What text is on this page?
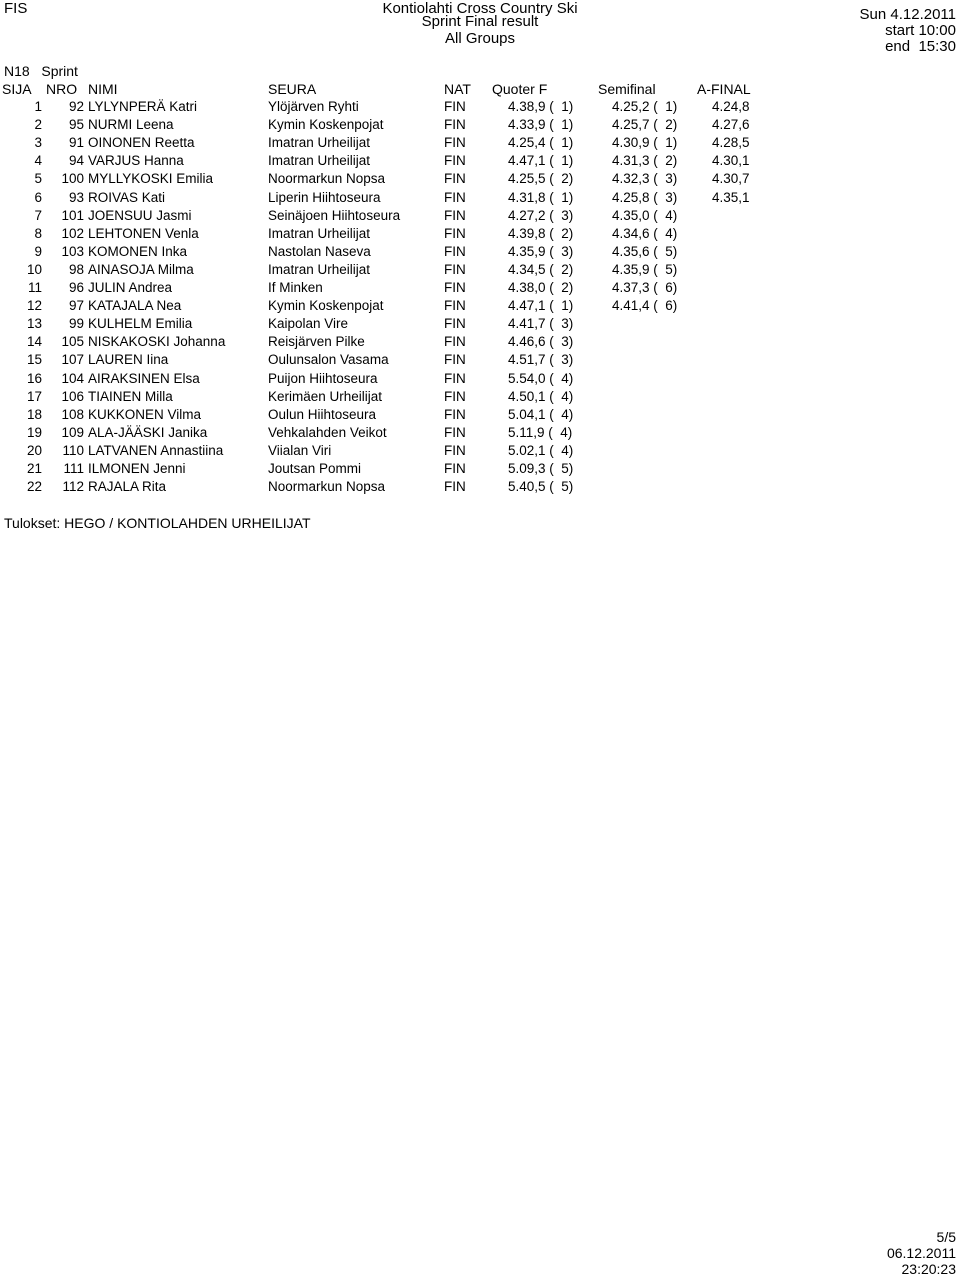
FIS	Kontiolahti Cross Country Ski
Sprint Final result
All Groups
Sun 4.12.2011
start 10:00
end  15:30
N18 Sprint
SIJA NRO NIMI	SEURA	NAT Quoter F	Semifinal	A-FINAL
1	92 LYLYNPERÄ Katri	Ylöjärven Ryhti	FIN	4.38,9 (  1)	4.25,2 (  1)	4.24,8
2	95 NURMI Leena	Kymin Koskenpojat	FIN	4.33,9 (  1)	4.25,7 (  2)	4.27,6
3	91 OINONEN Reetta	Imatran Urheilijat	FIN	4.25,4 (  1)	4.30,9 (  1)	4.28,5
4	94 VARJUS Hanna	Imatran Urheilijat	FIN	4.47,1 (  1)	4.31,3 (  2)	4.30,1
5	100 MYLLYKOSKI Emilia	Noormarkun Nopsa	FIN	4.25,5 (  2)	4.32,3 (  3)	4.30,7
6	93 ROIVAS Kati	Liperin Hiihtoseura	FIN	4.31,8 (  1)	4.25,8 (  3)	4.35,1
7	101 JOENSUU Jasmi	Seinäjoen Hiihtoseura	FIN	4.27,2 (  3)	4.35,0 (  4)
8	102 LEHTONEN Venla	Imatran Urheilijat	FIN	4.39,8 (  2)	4.34,6 (  4)
9	103 KOMONEN Inka	Nastolan Naseva	FIN	4.35,9 (  3)	4.35,6 (  5)
10	98 AINASOJA Milma	Imatran Urheilijat	FIN	4.34,5 (  2)	4.35,9 (  5)
11	96 JULIN Andrea	If Minken	FIN	4.38,0 (  2)	4.37,3 (  6)
12	97 KATAJALA Nea	Kymin Koskenpojat	FIN	4.47,1 (  1)	4.41,4 (  6)
13	99 KULHELM Emilia	Kaipolan Vire	FIN	4.41,7 (  3)
14	105 NISKAKOSKI Johanna	Reisjärven Pilke	FIN	4.46,6 (  3)
15	107 LAUREN Iina	Oulunsalon Vasama	FIN	4.51,7 (  3)
16	104 AIRAKSINEN Elsa	Puijon Hiihtoseura	FIN	5.54,0 (  4)
17	106 TIAINEN Milla	Kerimäen Urheilijat	FIN	4.50,1 (  4)
18	108 KUKKONEN Vilma	Oulun Hiihtoseura	FIN	5.04,1 (  4)
19	109 ALA-JÄÄSKI Janika	Vehkalahden Veikot	FIN	5.11,9 (  4)
20	110 LATVANEN Annastiina	Viialan Viri	FIN	5.02,1 (  4)
21	111 ILMONEN Jenni	Joutsan Pommi	FIN	5.09,3 (  5)
22	112 RAJALA Rita	Noormarkun Nopsa	FIN	5.40,5 (  5)
Tulokset: HEGO / KONTIOLAHDEN URHEILIJAT
5/5
06.12.2011
23:20:23
